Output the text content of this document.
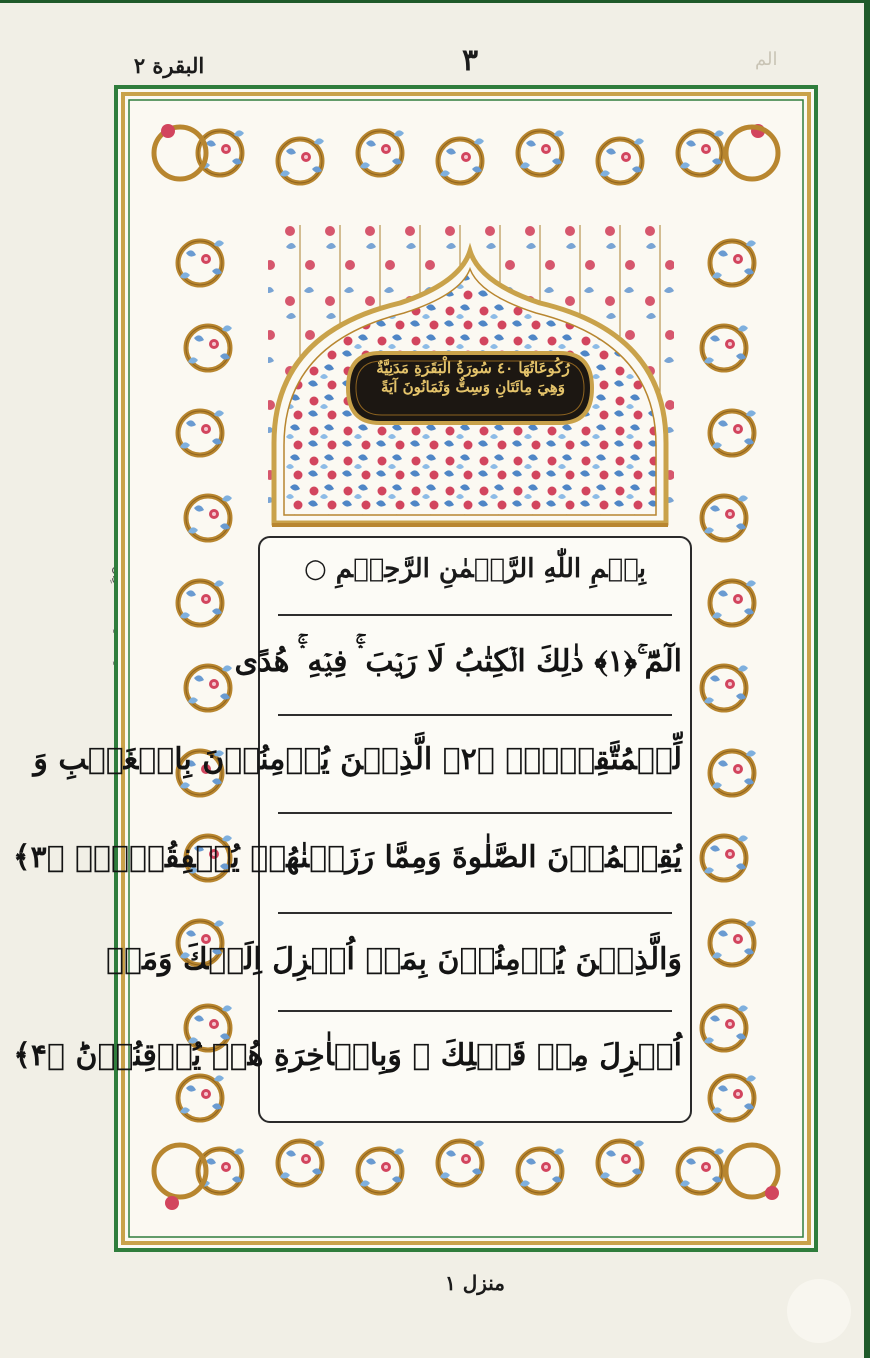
البقرة ٢	٣	الم
رُكُوعَاتُهَا ٤٠ سُورَةُ الْبَقَرَةِ مَدَنِيَّةٌ
وَهِيَ مِائَتَانِ وَسِتٌّ وَثَمَانُونَ آيَةً
بِسۡمِ اللّٰهِ الرَّحۡمٰنِ الرَّحِيۡمِ ○
الٓمّٓ ۚ﴿۱﴾ ذٰلِكَ الۡكِتٰبُ لَا رَيۡبَ ۛۚ فِيۡهِ ۛۚ هُدًى
لِّلۡمُتَّقِيۡنَۙ ﴿۲﴾ الَّذِيۡنَ يُؤۡمِنُوۡنَ بِالۡغَيۡبِ وَ
يُقِيۡمُوۡنَ الصَّلٰوةَ وَمِمَّا رَزَقۡنٰهُمۡ يُنۡفِقُوۡنَۙ ﴿۳﴾
وَالَّذِيۡنَ يُؤۡمِنُوۡنَ بِمَاۤ اُنۡزِلَ اِلَيۡكَ وَمَاۤ
اُنۡزِلَ مِنۡ قَبۡلِكَ ۚ وَبِالۡاٰخِرَةِ هُمۡ يُوۡقِنُوۡنَؕ ﴿۴﴾
منزل ١
